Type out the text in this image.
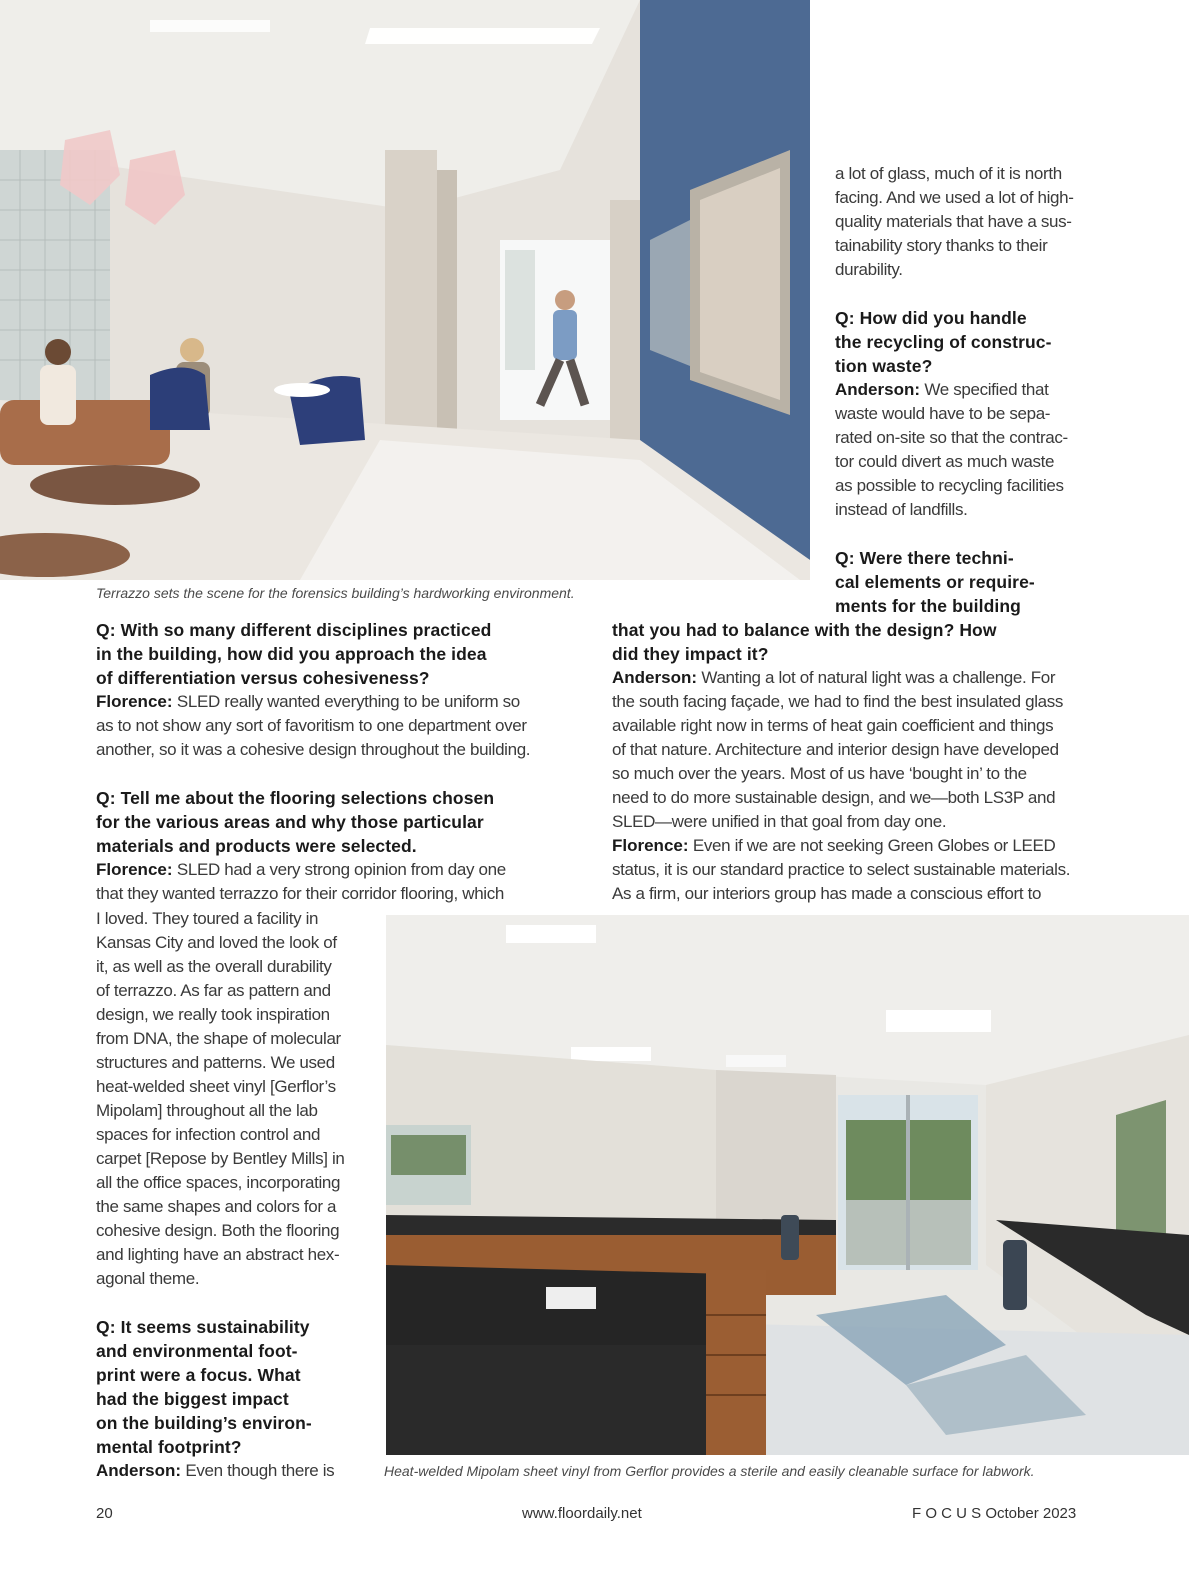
Terrazzo sets the scene for the forensics building’s hardworking environment.

a lot of glass, much of it is north
facing. And we used a lot of high-
quality materials that have a sus-
tainability story thanks to their
durability.

Q: How did you handle
the recycling of construc-
tion waste?

Anderson: We specified that
waste would have to be sepa-
rated on-site so that the contrac-
tor could divert as much waste
as possible to recycling facilities
instead of landfills.

Q: Were there techni-
cal elements or require-
ments for the building

that you had to balance with the design? How
did they impact it?

Anderson: Wanting a lot of natural light was a challenge. For
the south facing façade, we had to find the best insulated glass
available right now in terms of heat gain coefficient and things
of that nature. Architecture and interior design have developed
so much over the years. Most of us have ‘bought in’ to the
need to do more sustainable design, and we—both LS3P and
SLED—were unified in that goal from day one.

Florence: Even if we are not seeking Green Globes or LEED
status, it is our standard practice to select sustainable materials.
As a firm, our interiors group has made a conscious effort to

Q: With so many different disciplines practiced
in the building, how did you approach the idea
of differentiation versus cohesiveness?

Florence: SLED really wanted everything to be uniform so
as to not show any sort of favoritism to one department over
another, so it was a cohesive design throughout the building.

Q: Tell me about the flooring selections chosen
for the various areas and why those particular
materials and products were selected.

Florence: SLED had a very strong opinion from day one
that they wanted terrazzo for their corridor flooring, which

I loved. They toured a facility in
Kansas City and loved the look of
it, as well as the overall durability
of terrazzo. As far as pattern and
design, we really took inspiration
from DNA, the shape of molecular
structures and patterns. We used
heat-welded sheet vinyl [Gerflor’s
Mipolam] throughout all the lab
spaces for infection control and
carpet [Repose by Bentley Mills] in
all the office spaces, incorporating
the same shapes and colors for a
cohesive design. Both the flooring
and lighting have an abstract hex-
agonal theme.

Q: It seems sustainability
and environmental foot-
print were a focus. What
had the biggest impact
on the building’s environ-
mental footprint?

Anderson: Even though there is	Heat-welded Mipolam sheet vinyl from Gerflor provides a sterile and easily cleanable surface for labwork.
20	www.floordaily.net	F O C U S October 2023
